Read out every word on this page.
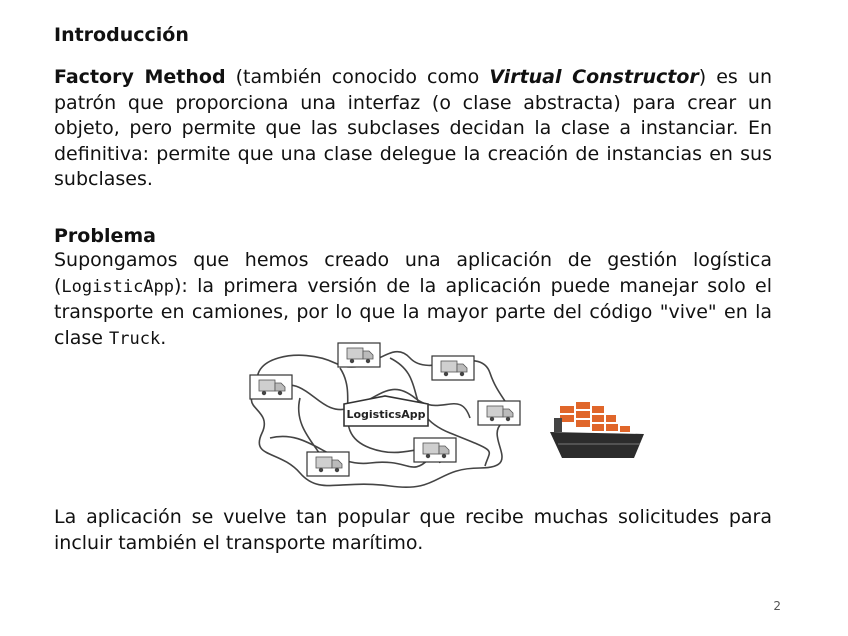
Introducción

Factory Method (también conocido como Virtual Constructor) es un patrón que proporciona una interfaz (o clase abstracta) para crear un objeto, pero permite que las subclases decidan la clase a instanciar. En definitiva: permite que una clase delegue la creación de instancias en sus subclases.

Problema

Supongamos que hemos creado una aplicación de gestión logística (LogisticApp): la primera versión de la aplicación puede manejar solo el transporte en camiones, por lo que la mayor parte del código "vive" en la clase Truck.

La aplicación se vuelve tan popular que recibe muchas solicitudes para incluir también el transporte marítimo.

LogisticsApp
2
